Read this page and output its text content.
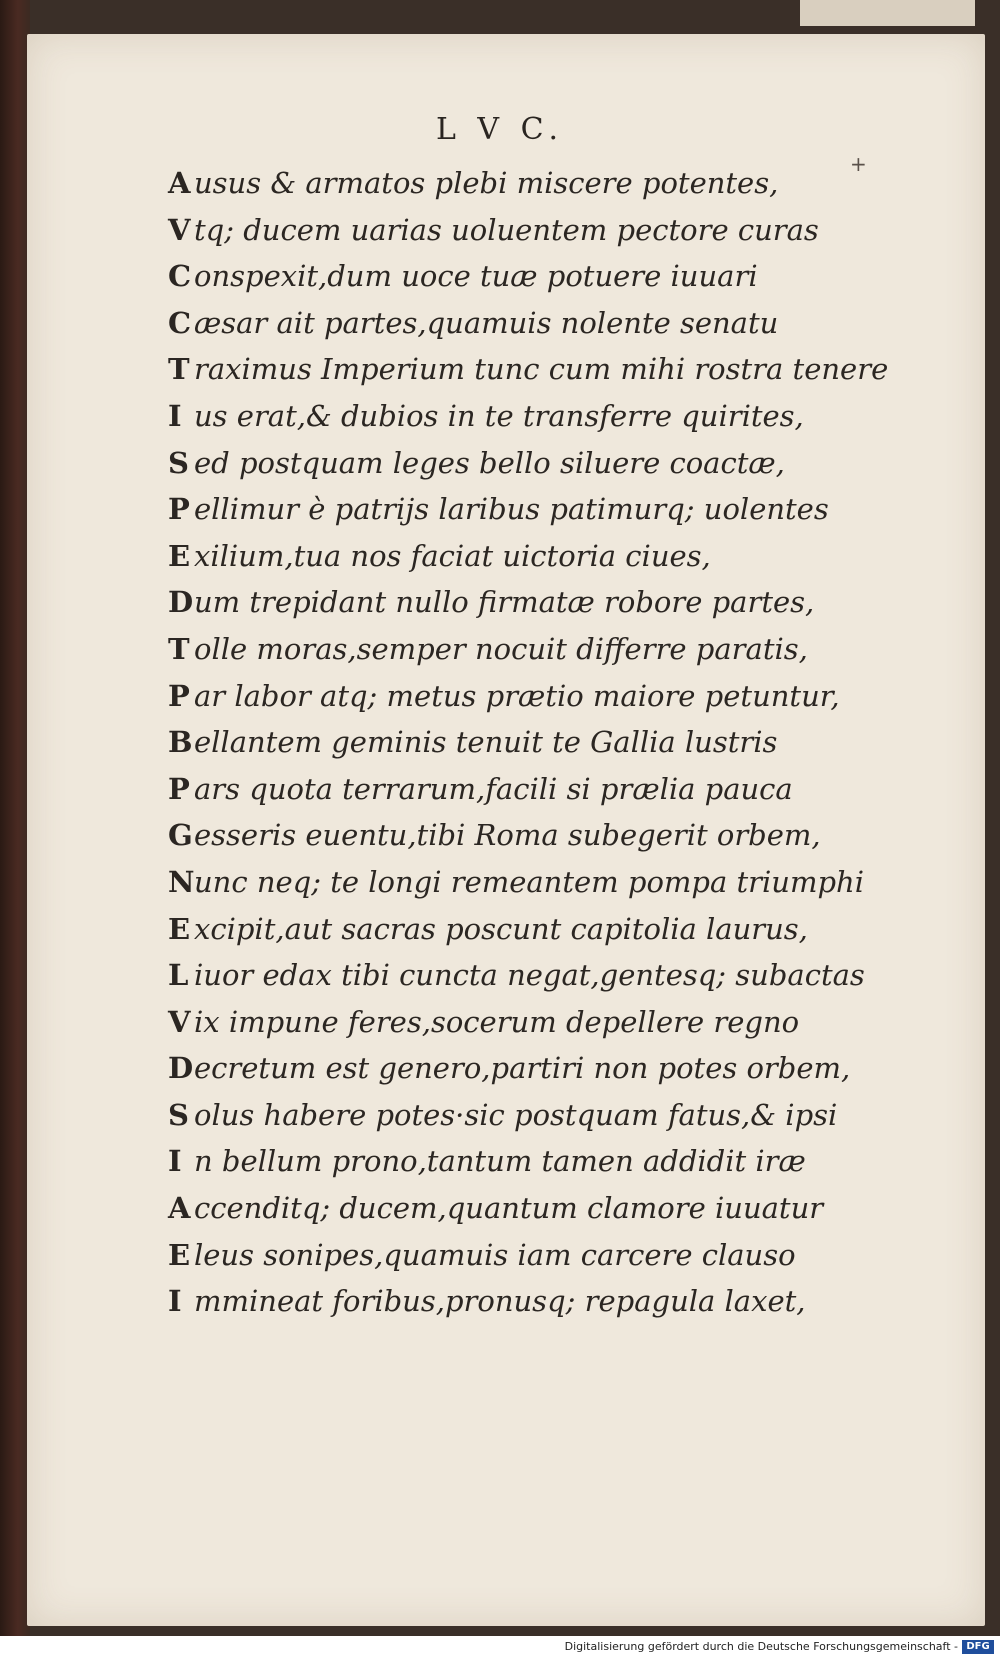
L V C.
+
A usus & armatos plebi miscere potentes,
V tq; ducem uarias uoluentem pectore curas
C onspexit,dum uoce tuæ potuere iuuari
C æsar ait partes,quamuis nolente senatu
T raximus Imperium tunc cum mihi rostra tenere
I us erat,& dubios in te transferre quirites,
S ed postquam leges bello siluere coactæ,
P ellimur è patrijs laribus patimurq; uolentes
E xilium,tua nos faciat uictoria ciues,
Dum trepidant nullo firmatæ robore partes,
T olle moras,semper nocuit differre paratis,
P ar labor atq; metus prætio maiore petuntur,
Bellantem geminis tenuit te Gallia lustris
P ars quota terrarum,facili si prælia pauca
Gesseris euentu,tibi Roma subegerit orbem,
Nunc neq; te longi remeantem pompa triumphi
E xcipit,aut sacras poscunt capitolia laurus,
L iuor edax tibi cuncta negat,gentesq; subactas
V ix impune feres,socerum depellere regno
Decretum est genero,partiri non potes orbem,
S olus habere potes·sic postquam fatus,& ipsi
I n bellum prono,tantum tamen addidit iræ
A ccenditq; ducem,quantum clamore iuuatur
E leus sonipes,quamuis iam carcere clauso
I mmineat foribus,pronusq; repagula laxet,
Digitalisierung gefördert durch die Deutsche Forschungsgemeinschaft - DFG
